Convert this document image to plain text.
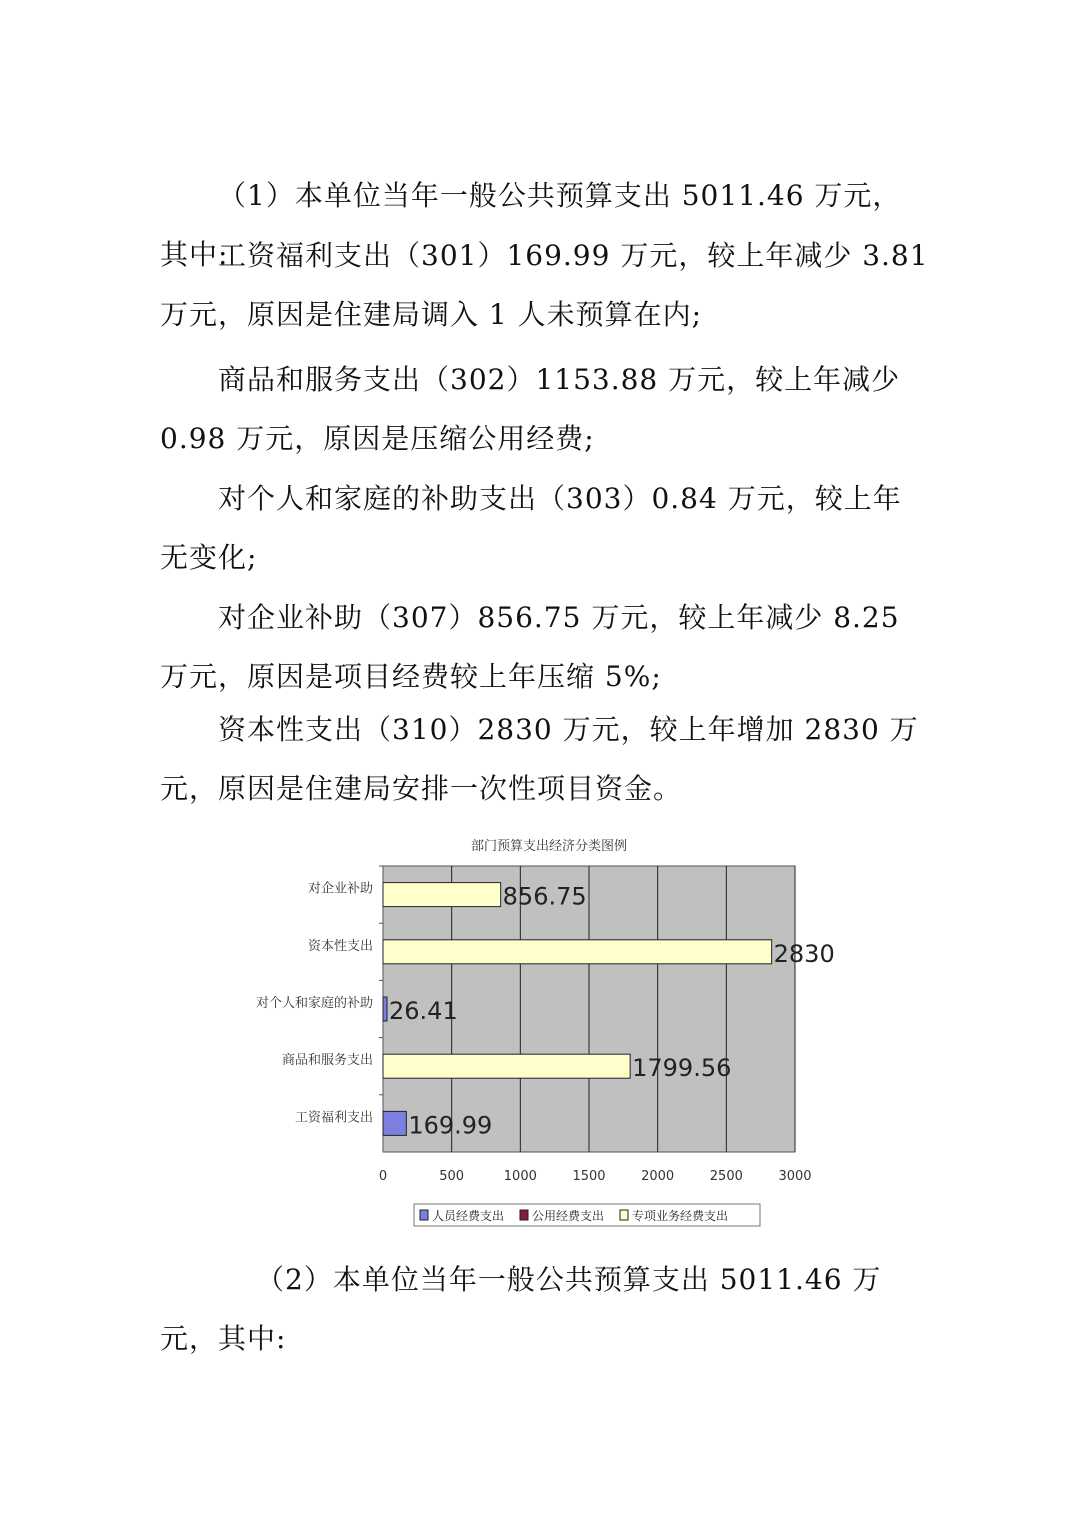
（1）本单位当年一般公共预算支出 5011.46 万元，其中:

工资福利支出（301）169.99 万元，较上年减少 3.81 万元，原因是住建局调入 1 人未预算在内;

商品和服务支出（302）1153.88 万元，较上年减少 0.98 万元，原因是压缩公用经费;

对个人和家庭的补助支出（303）0.84 万元，较上年无变化;

对企业补助（307）856.75 万元，较上年减少 8.25 万元，原因是项目经费较上年压缩 5%;

资本性支出（310）2830 万元，较上年增加 2830 万元，原因是住建局安排一次性项目资金。

部门预算支出经济分类图例
0	500	1000	1500	2000	2500	3000
对企业补助	856.75
资本性支出	2830
对个人和家庭的补助 26.41
商品和服务支出	1799.56
工资福利支出 169.99
人员经费支出 公用经费支出 专项业务经费支出

（2）本单位当年一般公共预算支出 5011.46 万元，其中:
